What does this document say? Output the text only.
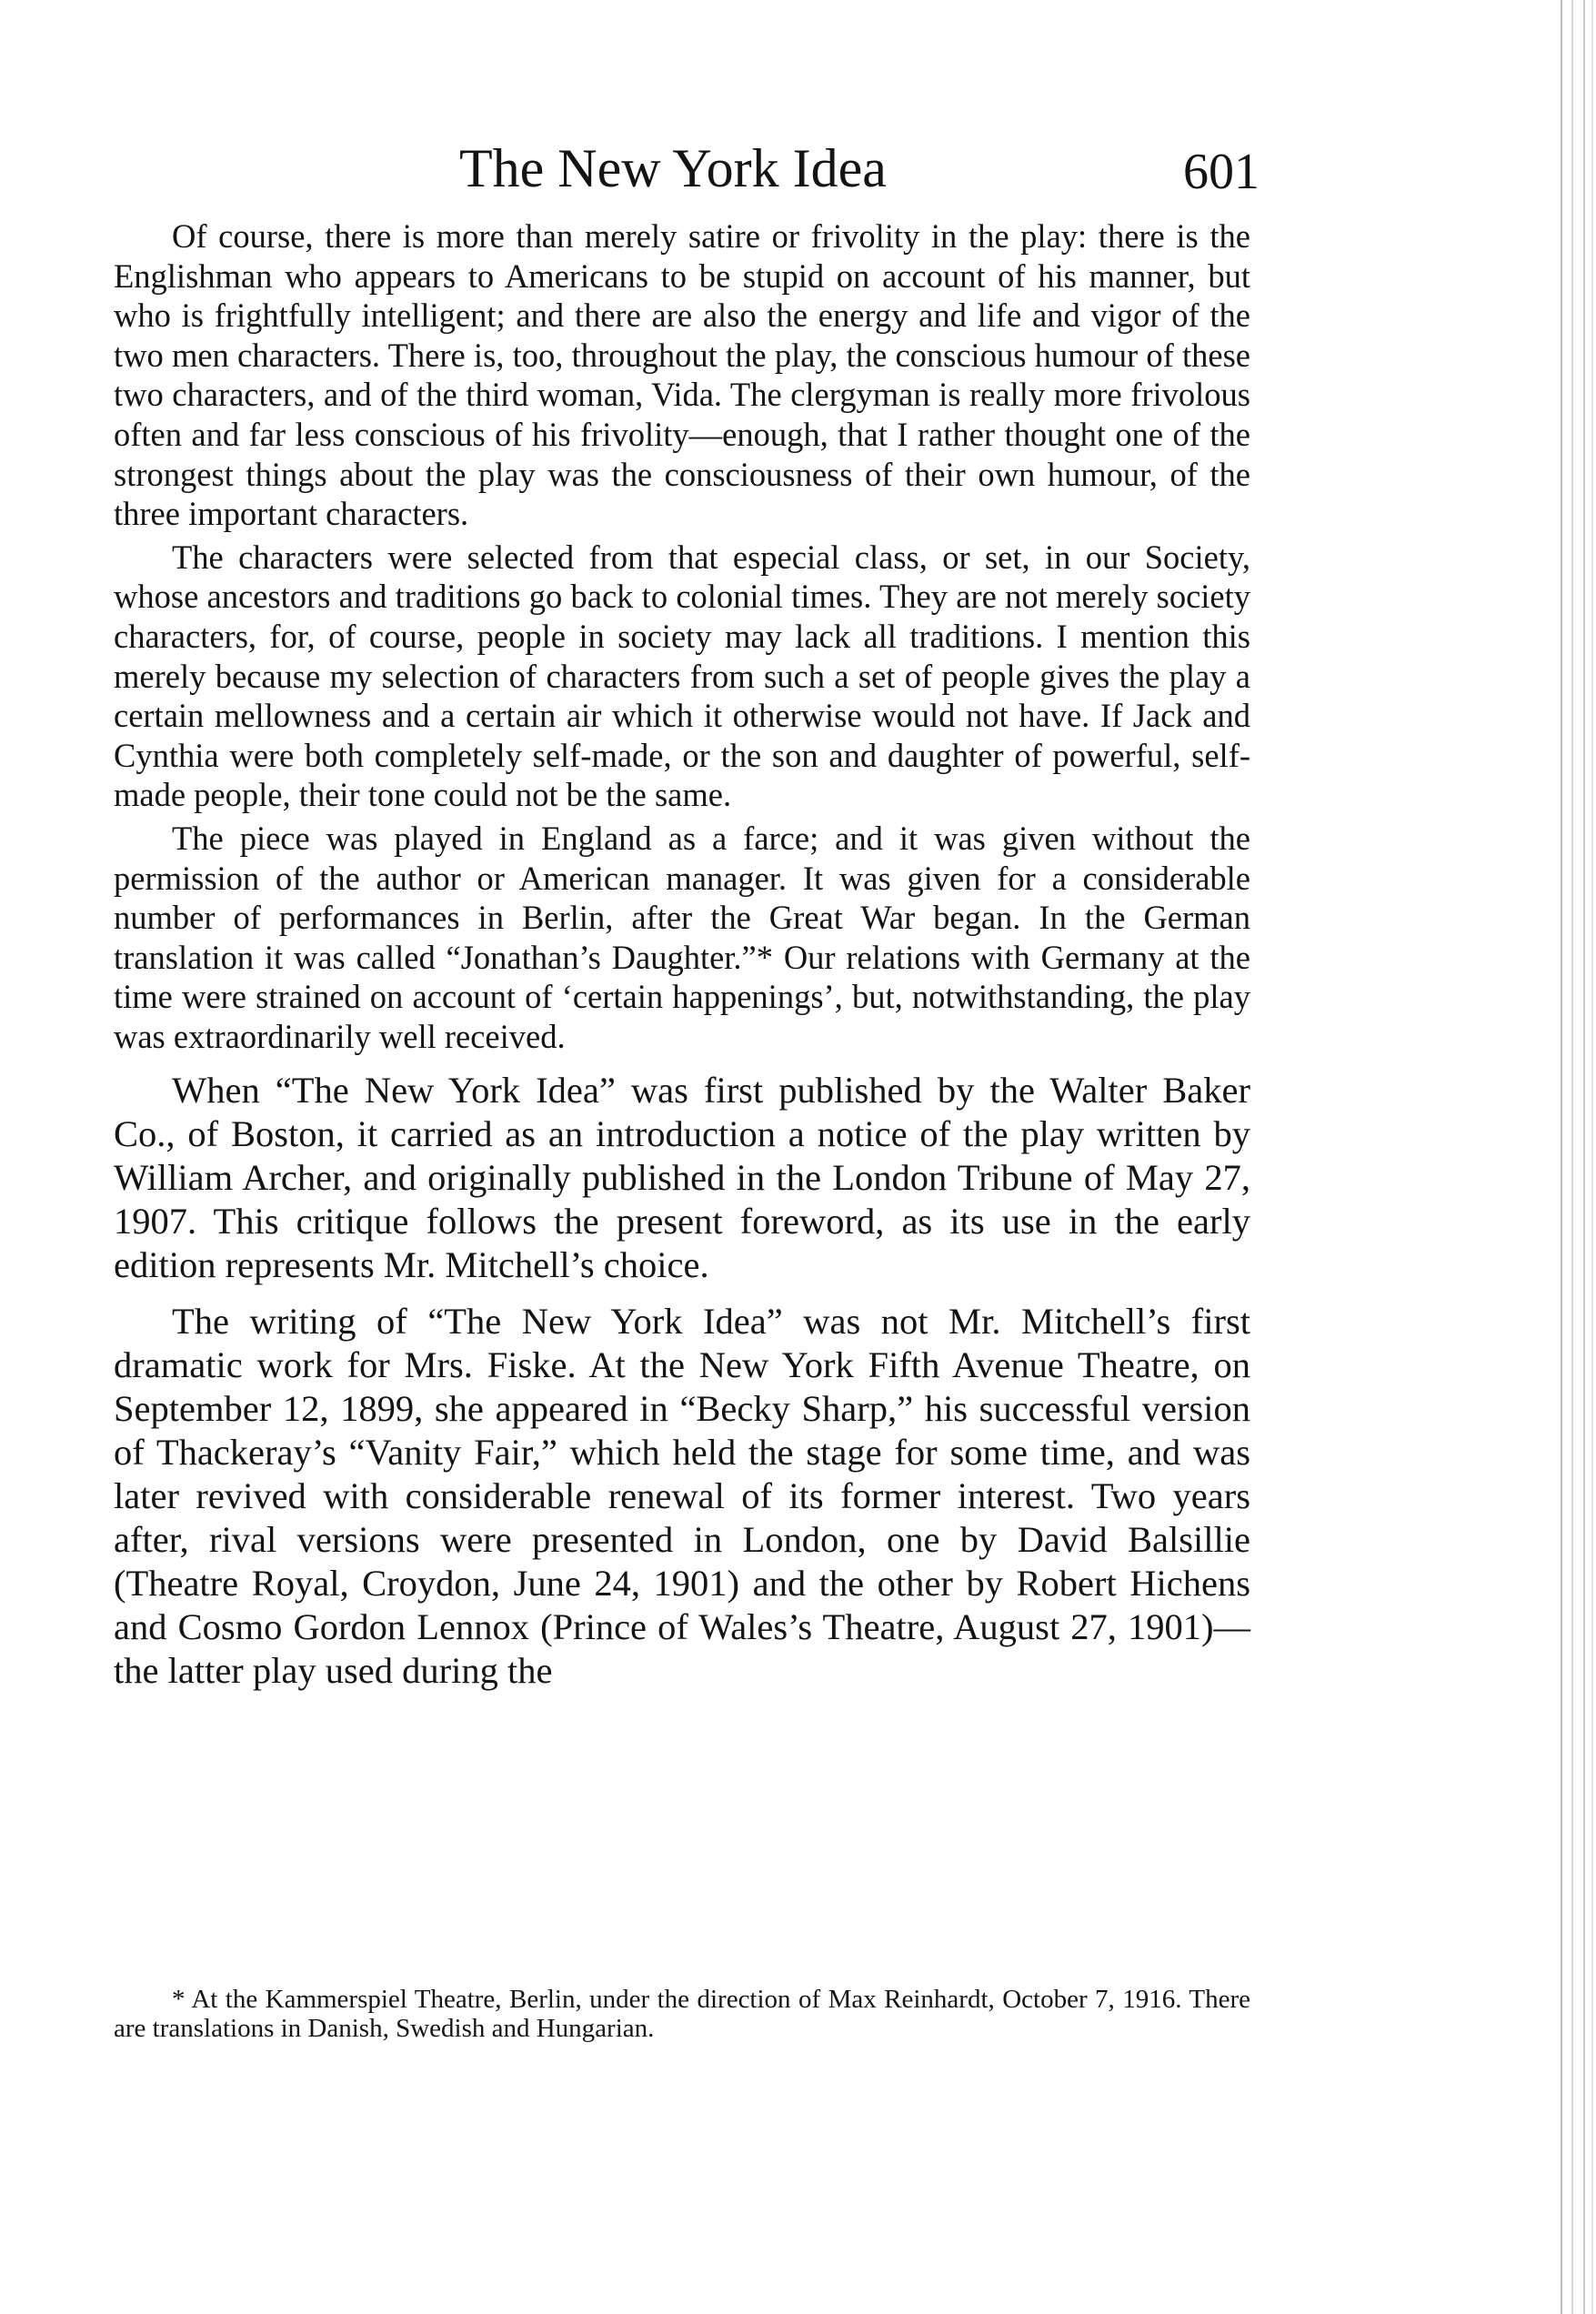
The New York Idea	601

Of course, there is more than merely satire or frivolity in the play: there is the Englishman who appears to Americans to be stupid on account of his manner, but who is frightfully intelligent; and there are also the energy and life and vigor of the two men characters. There is, too, throughout the play, the conscious humour of these two characters, and of the third woman, Vida. The clergyman is really more frivolous often and far less conscious of his frivolity—enough, that I rather thought one of the strongest things about the play was the consciousness of their own humour, of the three important characters.

The characters were selected from that especial class, or set, in our Society, whose ancestors and traditions go back to colonial times. They are not merely society characters, for, of course, people in society may lack all traditions. I mention this merely because my selection of characters from such a set of people gives the play a certain mellowness and a certain air which it otherwise would not have. If Jack and Cynthia were both completely self-made, or the son and daughter of powerful, self-made people, their tone could not be the same.

The piece was played in England as a farce; and it was given without the permission of the author or American manager. It was given for a considerable number of performances in Berlin, after the Great War began. In the German translation it was called “Jonathan’s Daughter.”* Our relations with Germany at the time were strained on account of ‘certain happenings’, but, notwithstanding, the play was extraordinarily well received.

When “The New York Idea” was first published by the Walter Baker Co., of Boston, it carried as an introduction a notice of the play written by William Archer, and originally published in the London Tribune of May 27, 1907. This critique follows the present foreword, as its use in the early edition represents Mr. Mitchell’s choice.

The writing of “The New York Idea” was not Mr. Mitchell’s first dramatic work for Mrs. Fiske. At the New York Fifth Avenue Theatre, on September 12, 1899, she appeared in “Becky Sharp,” his successful version of Thackeray’s “Vanity Fair,” which held the stage for some time, and was later revived with considerable renewal of its former interest. Two years after, rival versions were presented in London, one by David Balsillie (Theatre Royal, Croydon, June 24, 1901) and the other by Robert Hichens and Cosmo Gordon Lennox (Prince of Wales’s Theatre, August 27, 1901)—the latter play used during the

* At the Kammerspiel Theatre, Berlin, under the direction of Max Reinhardt, October 7, 1916. There are translations in Danish, Swedish and Hungarian.
